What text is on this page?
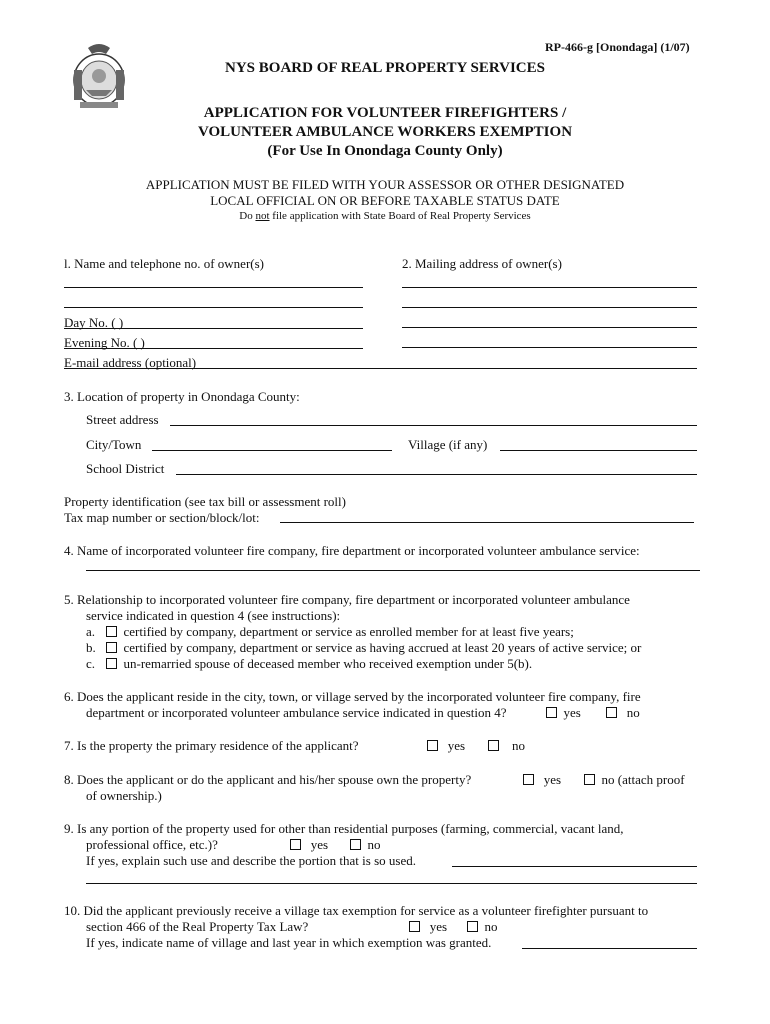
RP-466-g [Onondaga] (1/07)
NYS BOARD OF REAL PROPERTY SERVICES
APPLICATION FOR VOLUNTEER FIREFIGHTERS /
VOLUNTEER AMBULANCE WORKERS EXEMPTION
(For Use In Onondaga County Only)
APPLICATION MUST BE FILED WITH YOUR ASSESSOR OR OTHER DESIGNATED
LOCAL OFFICIAL ON OR BEFORE TAXABLE STATUS DATE
Do not file application with State Board of Real Property Services
l. Name and telephone no. of owner(s)	2. Mailing address of owner(s)
Day No. ( )
Evening No. ( )
E-mail address (optional)
3. Location of property in Onondaga County:
Street address
City/Town	Village (if any)
School District
Property identification (see tax bill or assessment roll)
Tax map number or section/block/lot:
4. Name of incorporated volunteer fire company, fire department or incorporated volunteer ambulance service:
5. Relationship to incorporated volunteer fire company, fire department or incorporated volunteer ambulance
service indicated in question 4 (see instructions):
a. certified by company, department or service as enrolled member for at least five years;
b. certified by company, department or service as having accrued at least 20 years of active service; or
c. un-remarried spouse of deceased member who received exemption under 5(b).
6. Does the applicant reside in the city, town, or village served by the incorporated volunteer fire company, fire
department or incorporated volunteer ambulance service indicated in question 4?	yes	no
7. Is the property the primary residence of the applicant?	yes	no
8. Does the applicant or do the applicant and his/her spouse own the property?	yes	no (attach proof
of ownership.)
9. Is any portion of the property used for other than residential purposes (farming, commercial, vacant land,
professional office, etc.)?	yes	no
If yes, explain such use and describe the portion that is so used.
10. Did the applicant previously receive a village tax exemption for service as a volunteer firefighter pursuant to
section 466 of the Real Property Tax Law?	yes	no
If yes, indicate name of village and last year in which exemption was granted.
